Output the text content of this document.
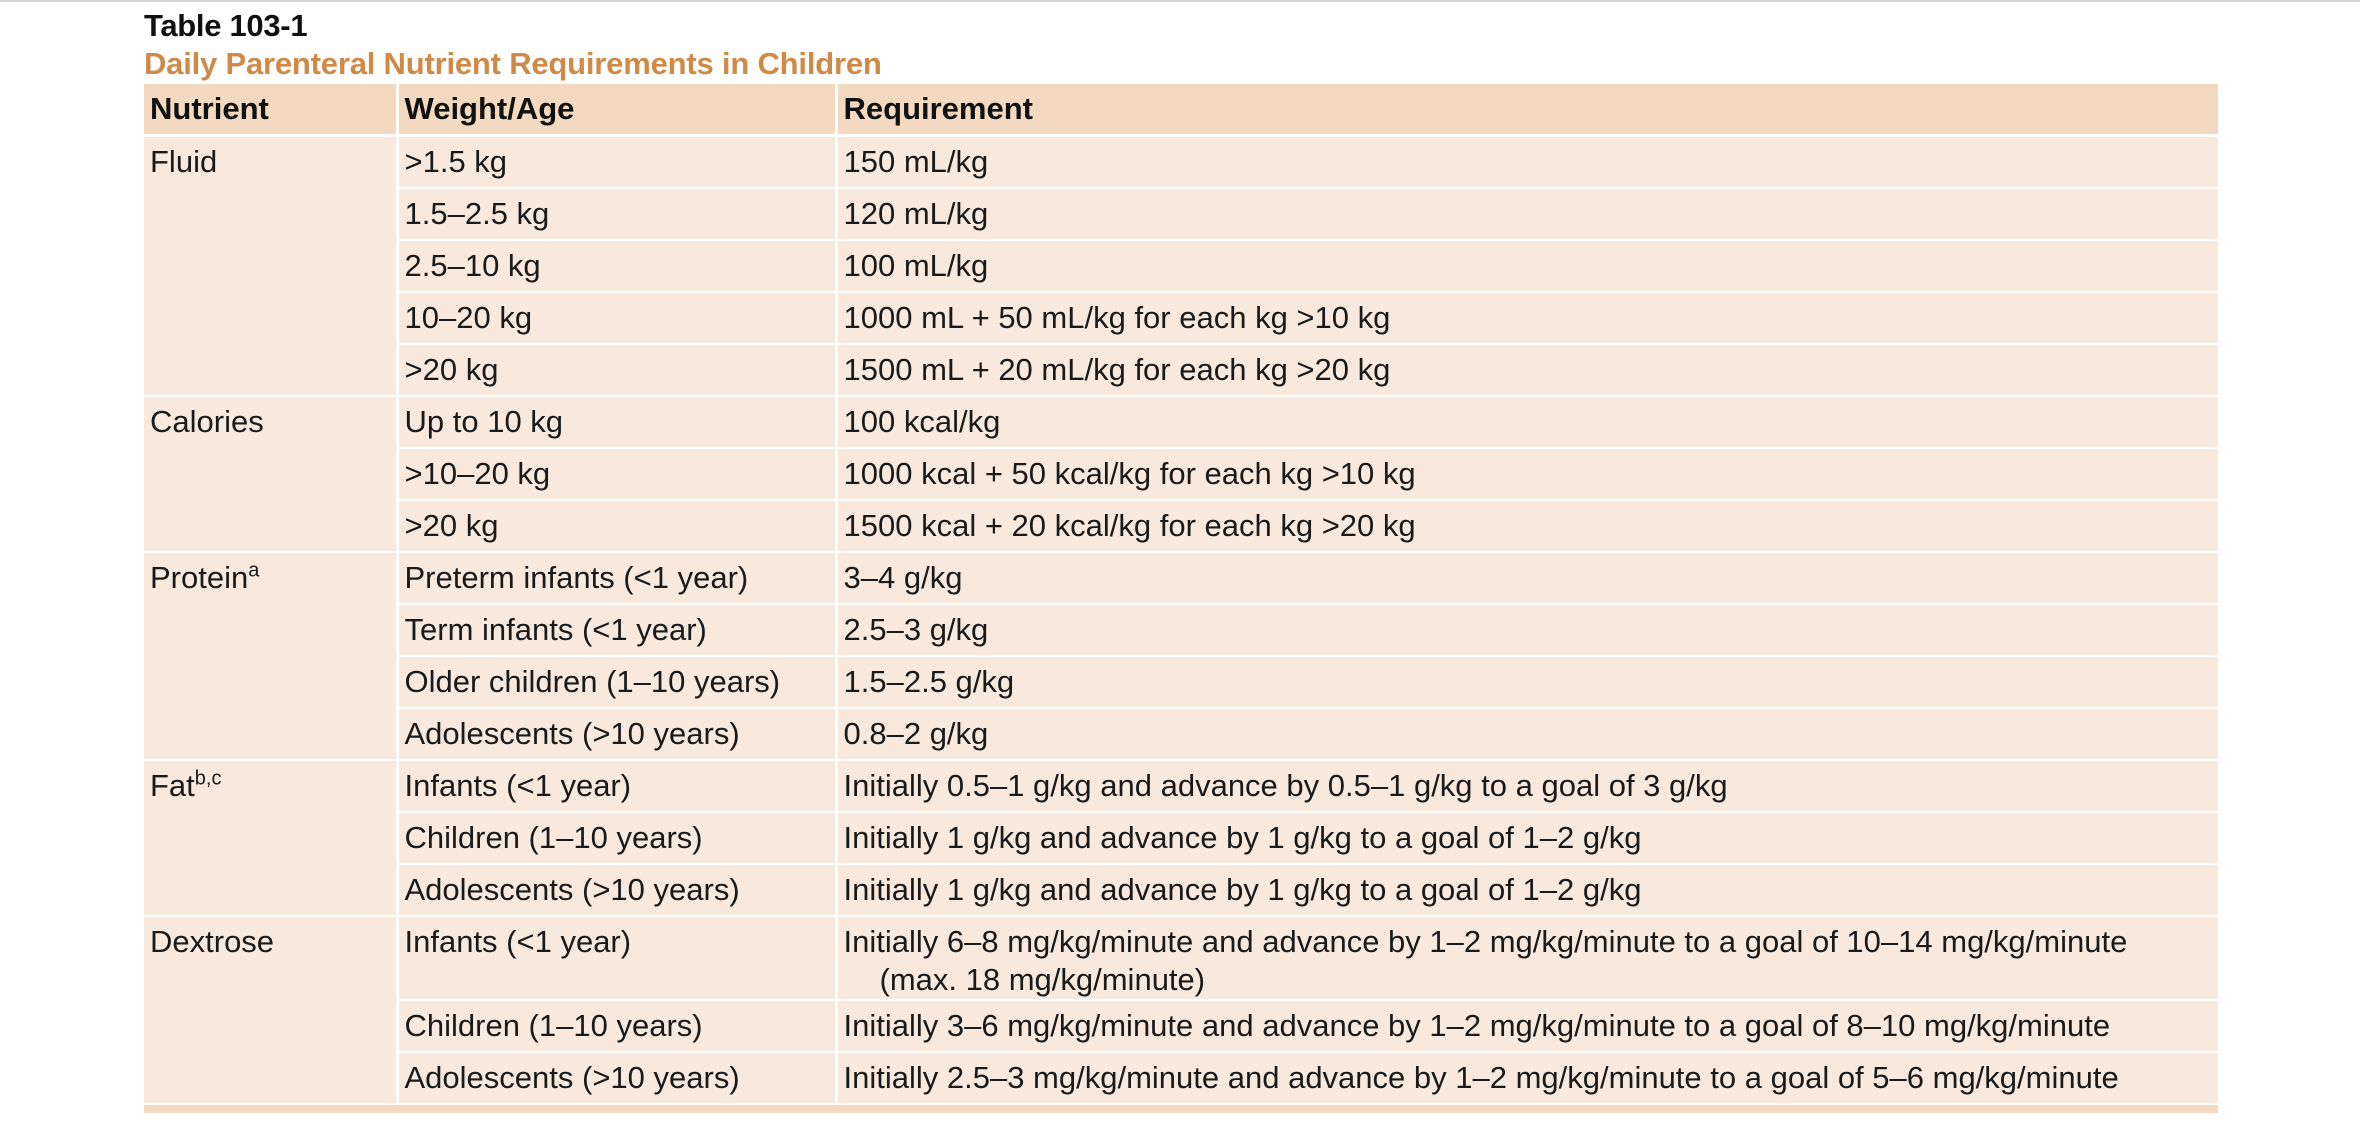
Table 103-1
Daily Parenteral Nutrient Requirements in Children
Nutrient	Weight/Age	Requirement
Fluid	>1.5 kg	150 mL/kg
	1.5–2.5 kg	120 mL/kg
	2.5–10 kg	100 mL/kg
	10–20 kg	1000 mL + 50 mL/kg for each kg >10 kg
	>20 kg	1500 mL + 20 mL/kg for each kg >20 kg
Calories	Up to 10 kg	100 kcal/kg
	>10–20 kg	1000 kcal + 50 kcal/kg for each kg >10 kg
	>20 kg	1500 kcal + 20 kcal/kg for each kg >20 kg
Protein$^a$	Preterm infants (<1 year)	3–4 g/kg
	Term infants (<1 year)	2.5–3 g/kg
	Older children (1–10 years)	1.5–2.5 g/kg
	Adolescents (>10 years)	0.8–2 g/kg
Fat$^{b,c}$	Infants (<1 year)	Initially 0.5–1 g/kg and advance by 0.5–1 g/kg to a goal of 3 g/kg
	Children (1–10 years)	Initially 1 g/kg and advance by 1 g/kg to a goal of 1–2 g/kg
	Adolescents (>10 years)	Initially 1 g/kg and advance by 1 g/kg to a goal of 1–2 g/kg
Dextrose	Infants (<1 year)	Initially 6–8 mg/kg/minute and advance by 1–2 mg/kg/minute to a goal of 10–14 mg/kg/minute
(max. 18 mg/kg/minute)

	Children (1–10 years)	Initially 3–6 mg/kg/minute and advance by 1–2 mg/kg/minute to a goal of 8–10 mg/kg/minute
	Adolescents (>10 years)	Initially 2.5–3 mg/kg/minute and advance by 1–2 mg/kg/minute to a goal of 5–6 mg/kg/minute
